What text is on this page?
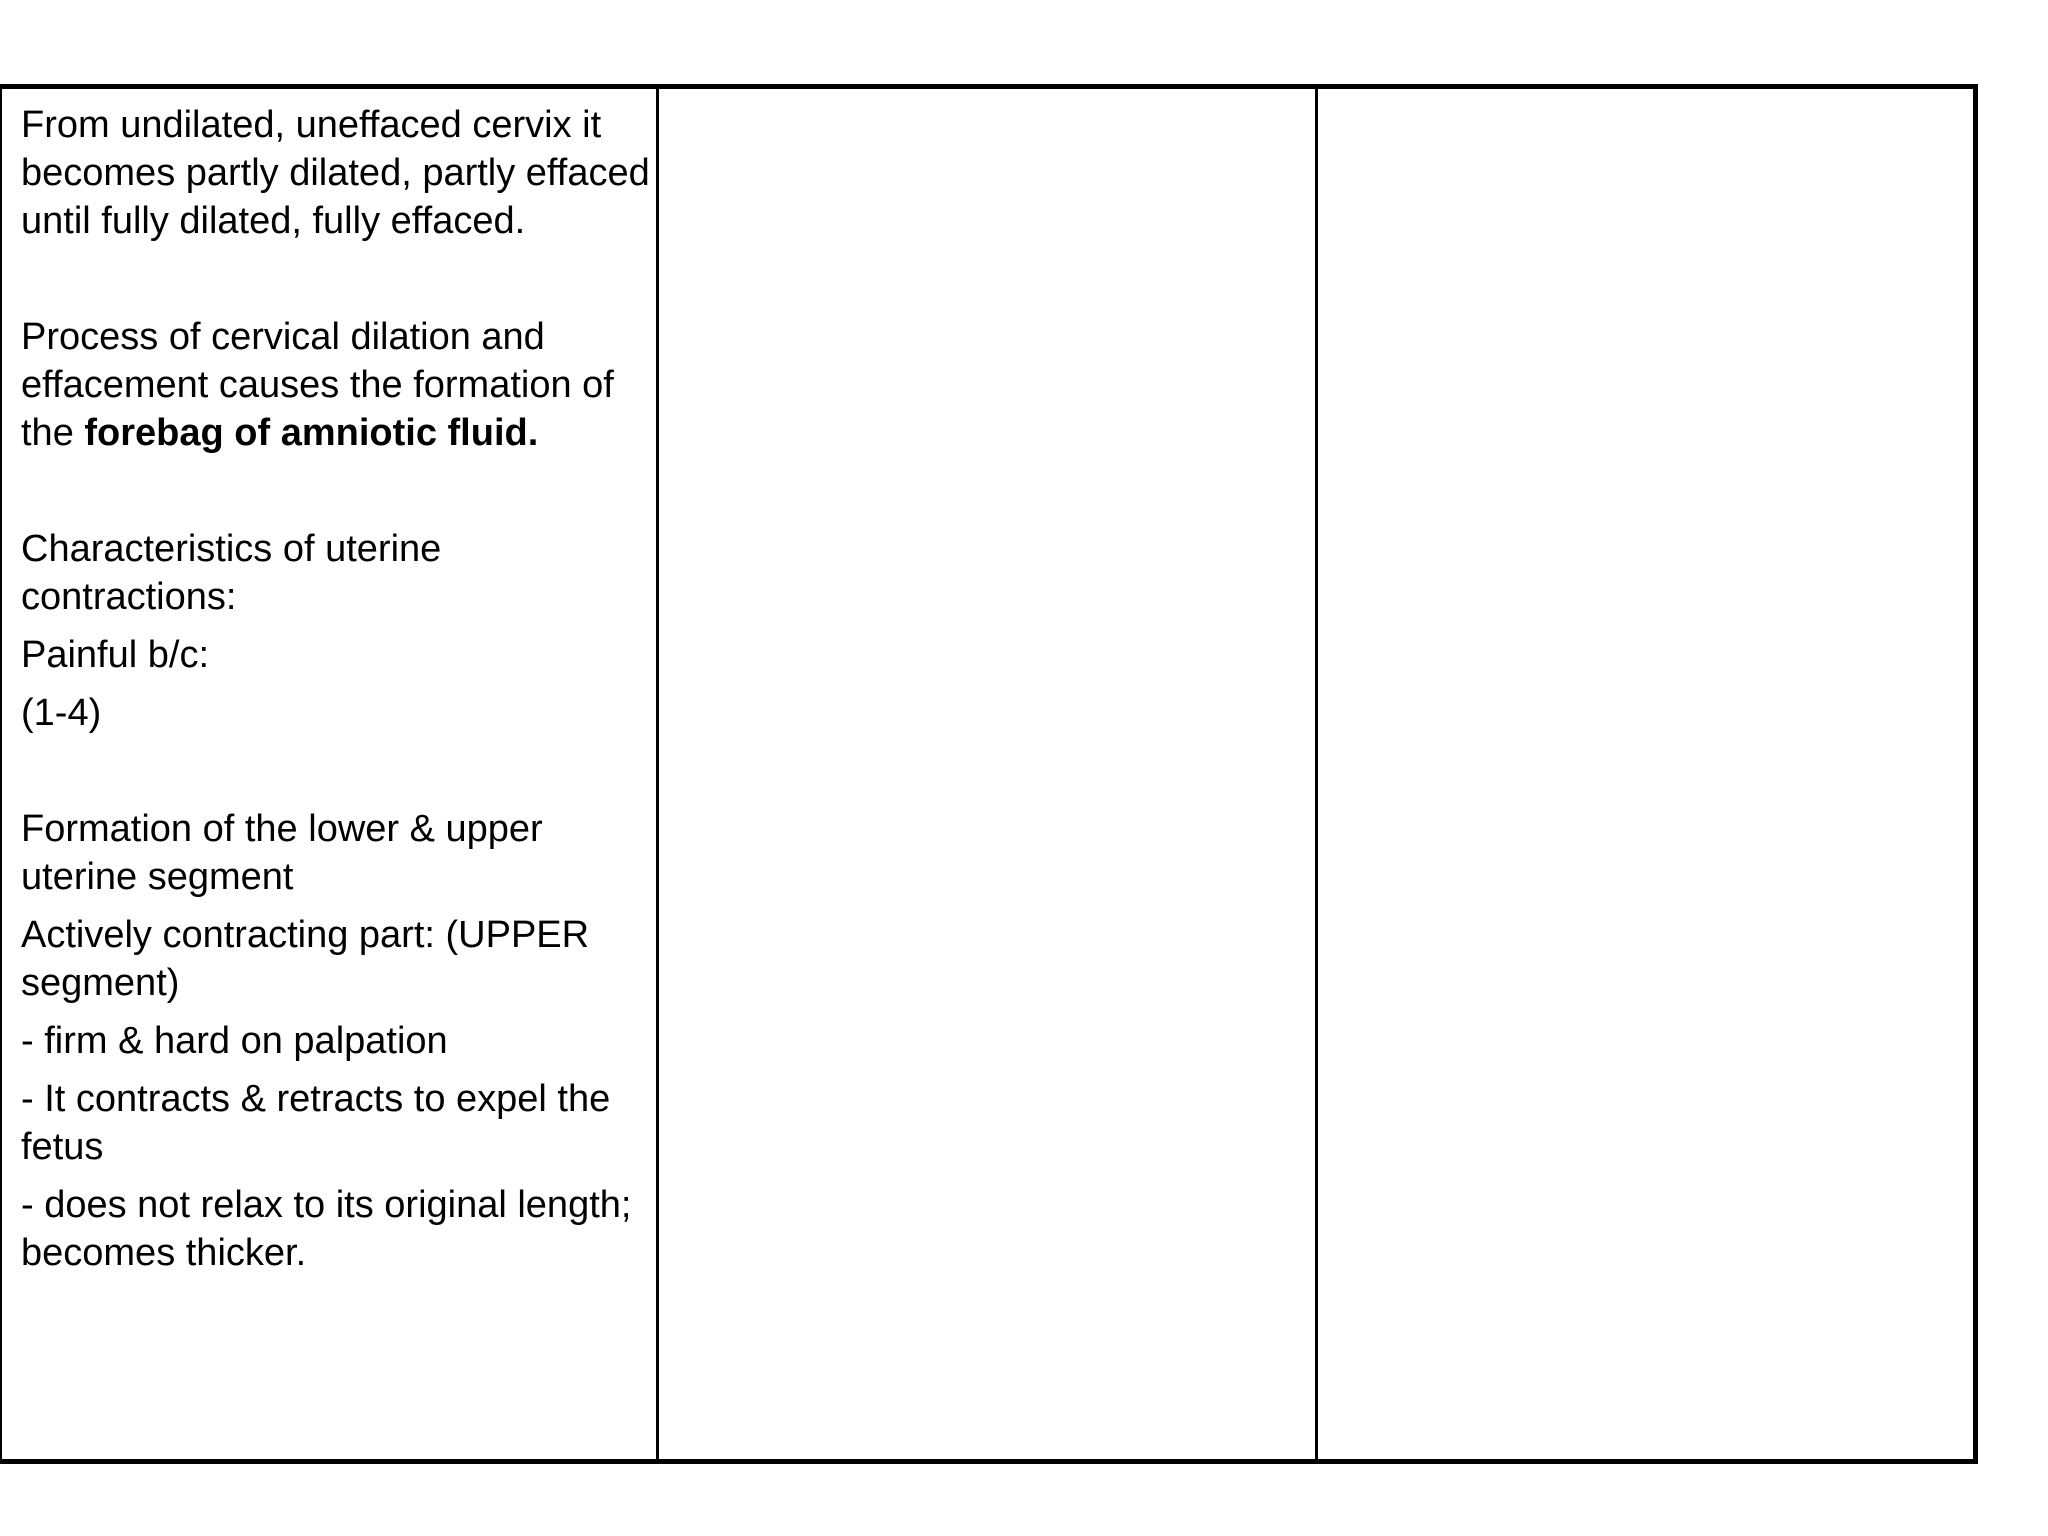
From undilated, uneffaced cervix it becomes partly dilated, partly effaced until fully dilated, fully effaced.

Process of cervical dilation and effacement causes the formation of the forebag of amniotic fluid.

Characteristics of uterine contractions:

Painful b/c:

(1-4)

Formation of the lower & upper uterine segment

Actively contracting part: (UPPER segment)

- firm & hard on palpation

- It contracts & retracts to expel the fetus

- does not relax to its original length; becomes thicker.
